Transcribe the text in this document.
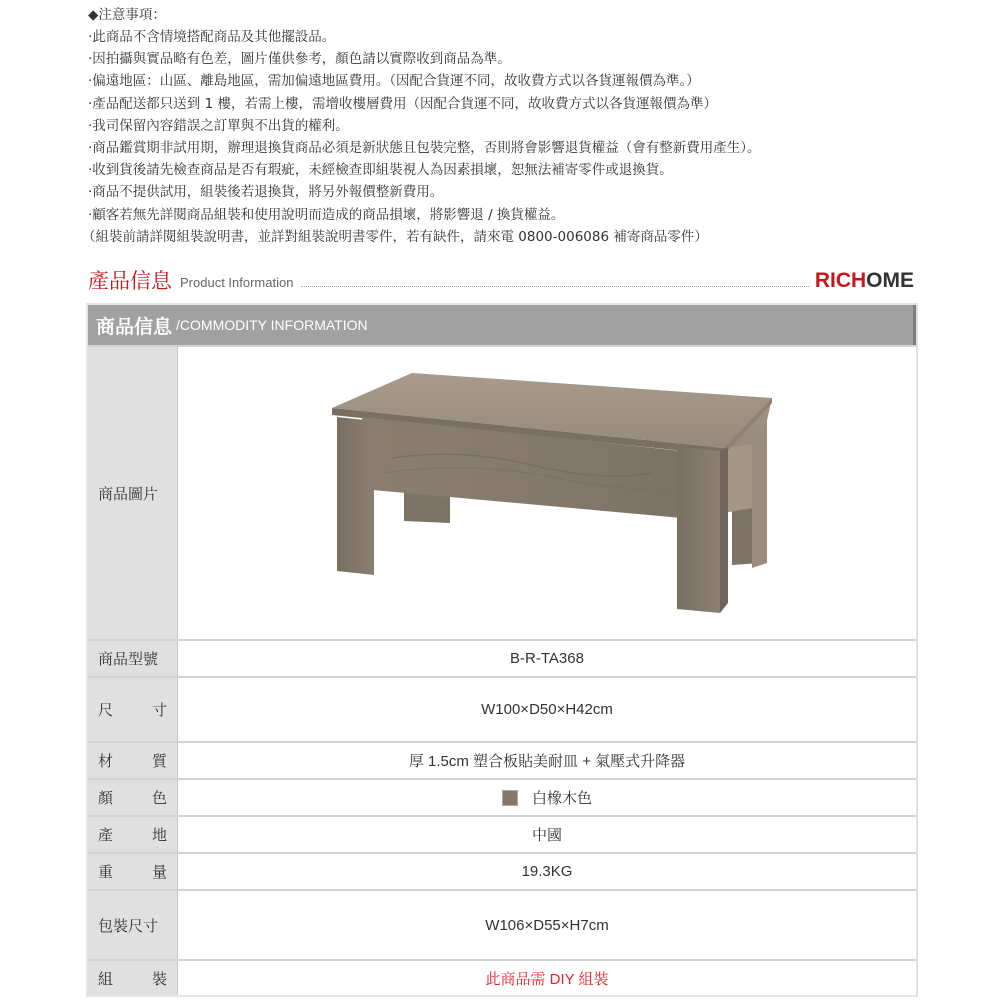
◆注意事項：
‧此商品不含情境搭配商品及其他擺設品。
‧因拍攝與實品略有色差，圖片僅供參考，顏色請以實際收到商品為準。
‧偏遠地區：山區、離島地區，需加偏遠地區費用。（因配合貨運不同，故收費方式以各貨運報價為準。）
‧產品配送都只送到 1 樓，若需上樓，需增收樓層費用（因配合貨運不同，故收費方式以各貨運報價為準）
‧我司保留內容錯誤之訂單與不出貨的權利。
‧商品鑑賞期非試用期，辦理退換貨商品必須是新狀態且包裝完整，否則將會影響退貨權益（會有整新費用產生）。
‧收到貨後請先檢查商品是否有瑕疵，未經檢查即組裝視人為因素損壞，恕無法補寄零件或退換貨。
‧商品不提供試用，組裝後若退換貨，將另外報價整新費用。
‧顧客若無先詳閱商品組裝和使用說明而造成的商品損壞，將影響退 / 換貨權益。
（組裝前請詳閱組裝說明書，並詳對組裝說明書零件，若有缺件，請來電 0800-006086 補寄商品零件）
產品信息 Product Information	RICHOME
商品信息 /COMMODITY INFORMATION
商品圖片
商品型號	B-R-TA368
尺	寸	W100×D50×H42cm
材	質	厚 1.5cm 塑合板貼美耐皿 + 氣壓式升降器
顏	色	白橡木色
產	地	中國
重	量	19.3KG
包裝尺寸	W106×D55×H7cm
組	裝	此商品需 DIY 組裝
